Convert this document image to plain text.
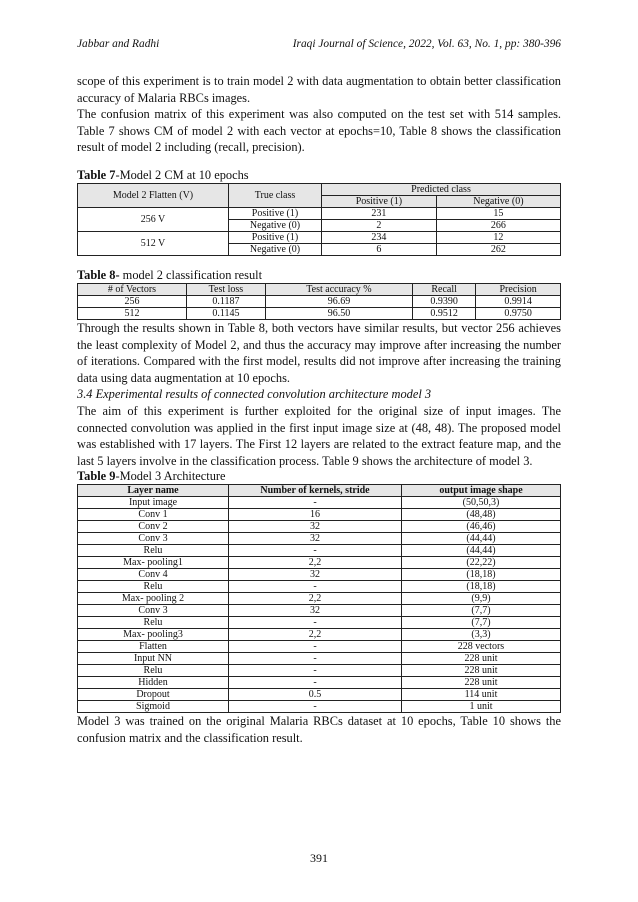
Jabbar and Radhi	Iraqi Journal of Science, 2022, Vol. 63, No. 1, pp: 380-396

scope of this experiment is to train model 2 with data augmentation to obtain better classification accuracy of Malaria RBCs images.

The confusion matrix of this experiment was also computed on the test set with 514 samples. Table 7 shows CM of model 2 with each vector at epochs=10, Table 8 shows the classification result of model 2 including (recall, precision).

Table 7-Model 2 CM at 10 epochs
Model 2 Flatten (V)	True class	Predicted class	
		Positive (1)	Negative (0)
256 V	Positive (1)	231	15
	Negative (0)	2	266
512 V	Positive (1)	234	12
	Negative (0)	6	262
Table 8- model 2 classification result
# of Vectors	Test loss	Test accuracy %	Recall	Precision
256	0.1187	96.69	0.9390	0.9914
512	0.1145	96.50	0.9512	0.9750

Through the results shown in Table 8, both vectors have similar results, but vector 256 achieves the least complexity of Model 2, and thus the accuracy may improve after increasing the number of iterations. Compared with the first model, results did not improve after increasing the training data using data augmentation at 10 epochs.

3.4 Experimental results of connected convolution architecture model 3

The aim of this experiment is further exploited for the original size of input images. The connected convolution was applied in the first input image size at (48, 48). The proposed model was established with 17 layers. The First 12 layers are related to the extract feature map, and the last 5 layers involve in the classification process. Table 9 shows the architecture of model 3.

Table 9-Model 3 Architecture
Layer name	Number of kernels, stride	output image shape
Input image	-	(50,50,3)
Conv 1	16	(48,48)
Conv 2	32	(46,46)
Conv 3	32	(44,44)
Relu	-	(44,44)
Max- pooling1	2,2	(22,22)
Conv 4	32	(18,18)
Relu	-	(18,18)
Max- pooling 2	2,2	(9,9)
Conv 3	32	(7,7)
Relu	-	(7,7)
Max- pooling3	2,2	(3,3)
Flatten	-	228 vectors
Input NN	-	228 unit
Relu	-	228 unit
Hidden	-	228 unit
Dropout	0.5	114 unit
Sigmoid	-	1 unit

Model 3 was trained on the original Malaria RBCs dataset at 10 epochs, Table 10 shows the confusion matrix and the classification result.

391
